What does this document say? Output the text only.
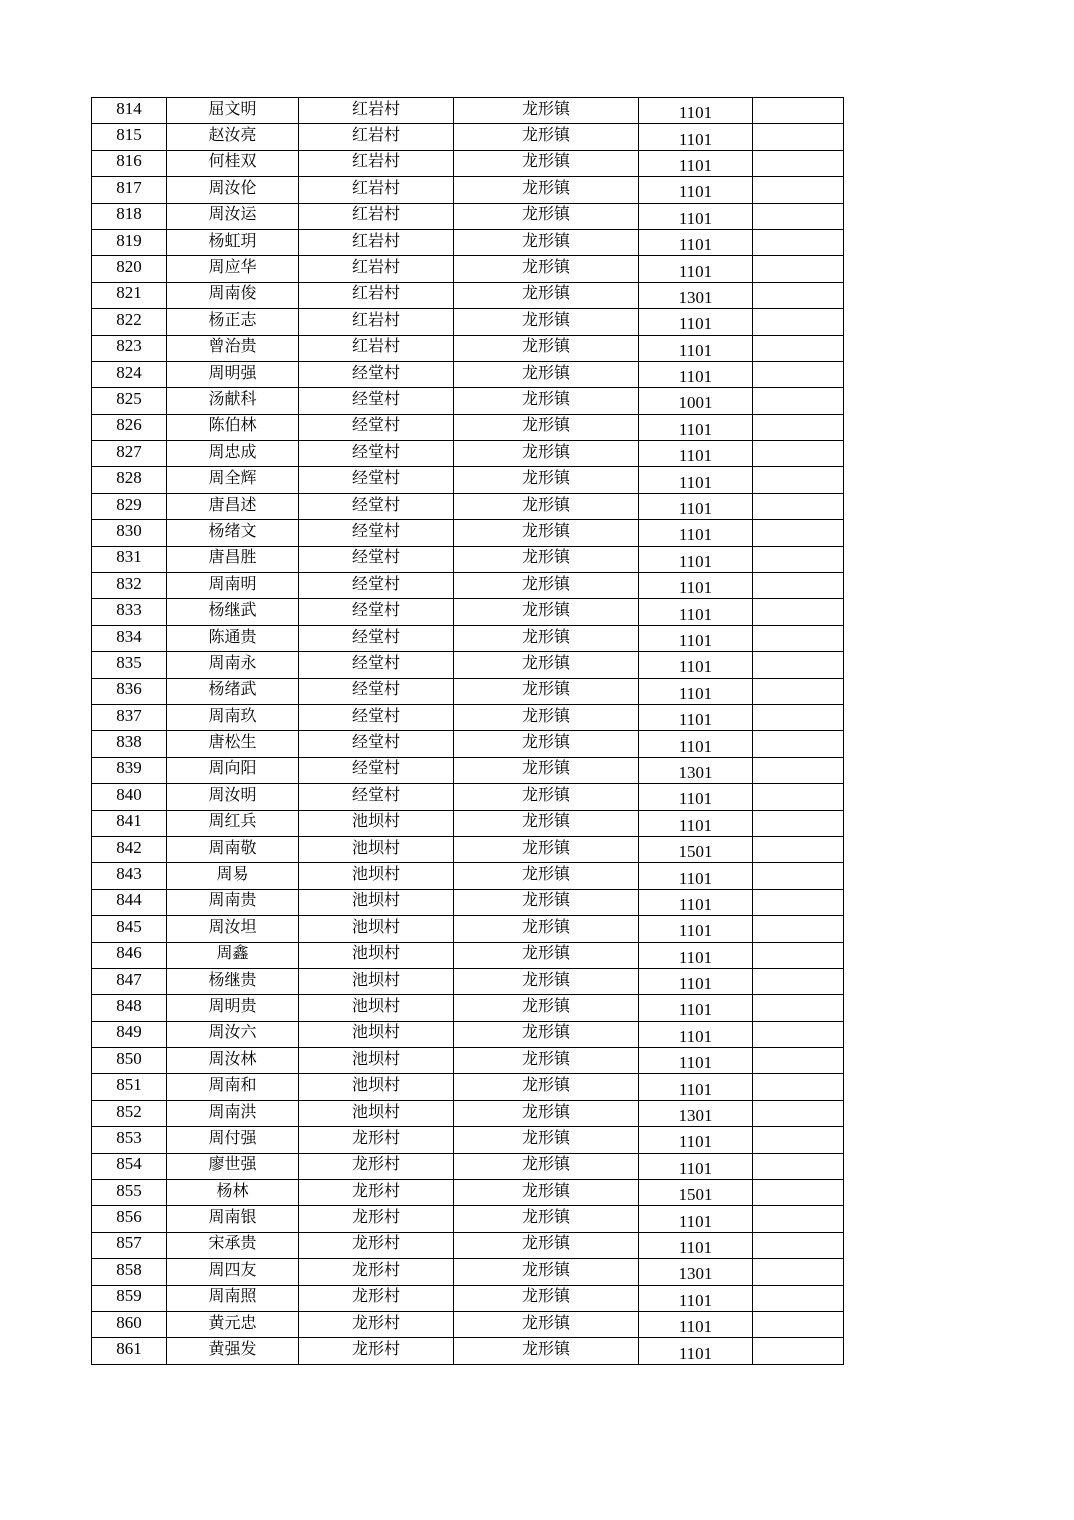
814	屈文明	红岩村	龙形镇	1101	
815	赵汝亮	红岩村	龙形镇	1101	
816	何桂双	红岩村	龙形镇	1101	
817	周汝伦	红岩村	龙形镇	1101	
818	周汝运	红岩村	龙形镇	1101	
819	杨虹玥	红岩村	龙形镇	1101	
820	周应华	红岩村	龙形镇	1101	
821	周南俊	红岩村	龙形镇	1301	
822	杨正志	红岩村	龙形镇	1101	
823	曾治贵	红岩村	龙形镇	1101	
824	周明强	经堂村	龙形镇	1101	
825	汤献科	经堂村	龙形镇	1001	
826	陈伯林	经堂村	龙形镇	1101	
827	周忠成	经堂村	龙形镇	1101	
828	周全辉	经堂村	龙形镇	1101	
829	唐昌述	经堂村	龙形镇	1101	
830	杨绪文	经堂村	龙形镇	1101	
831	唐昌胜	经堂村	龙形镇	1101	
832	周南明	经堂村	龙形镇	1101	
833	杨继武	经堂村	龙形镇	1101	
834	陈通贵	经堂村	龙形镇	1101	
835	周南永	经堂村	龙形镇	1101	
836	杨绪武	经堂村	龙形镇	1101	
837	周南玖	经堂村	龙形镇	1101	
838	唐松生	经堂村	龙形镇	1101	
839	周向阳	经堂村	龙形镇	1301	
840	周汝明	经堂村	龙形镇	1101	
841	周红兵	池坝村	龙形镇	1101	
842	周南敬	池坝村	龙形镇	1501	
843	周易	池坝村	龙形镇	1101	
844	周南贵	池坝村	龙形镇	1101	
845	周汝坦	池坝村	龙形镇	1101	
846	周鑫	池坝村	龙形镇	1101	
847	杨继贵	池坝村	龙形镇	1101	
848	周明贵	池坝村	龙形镇	1101	
849	周汝六	池坝村	龙形镇	1101	
850	周汝林	池坝村	龙形镇	1101	
851	周南和	池坝村	龙形镇	1101	
852	周南洪	池坝村	龙形镇	1301	
853	周付强	龙形村	龙形镇	1101	
854	廖世强	龙形村	龙形镇	1101	
855	杨林	龙形村	龙形镇	1501	
856	周南银	龙形村	龙形镇	1101	
857	宋承贵	龙形村	龙形镇	1101	
858	周四友	龙形村	龙形镇	1301	
859	周南照	龙形村	龙形镇	1101	
860	黄元忠	龙形村	龙形镇	1101	
861	黄强发	龙形村	龙形镇	1101	
